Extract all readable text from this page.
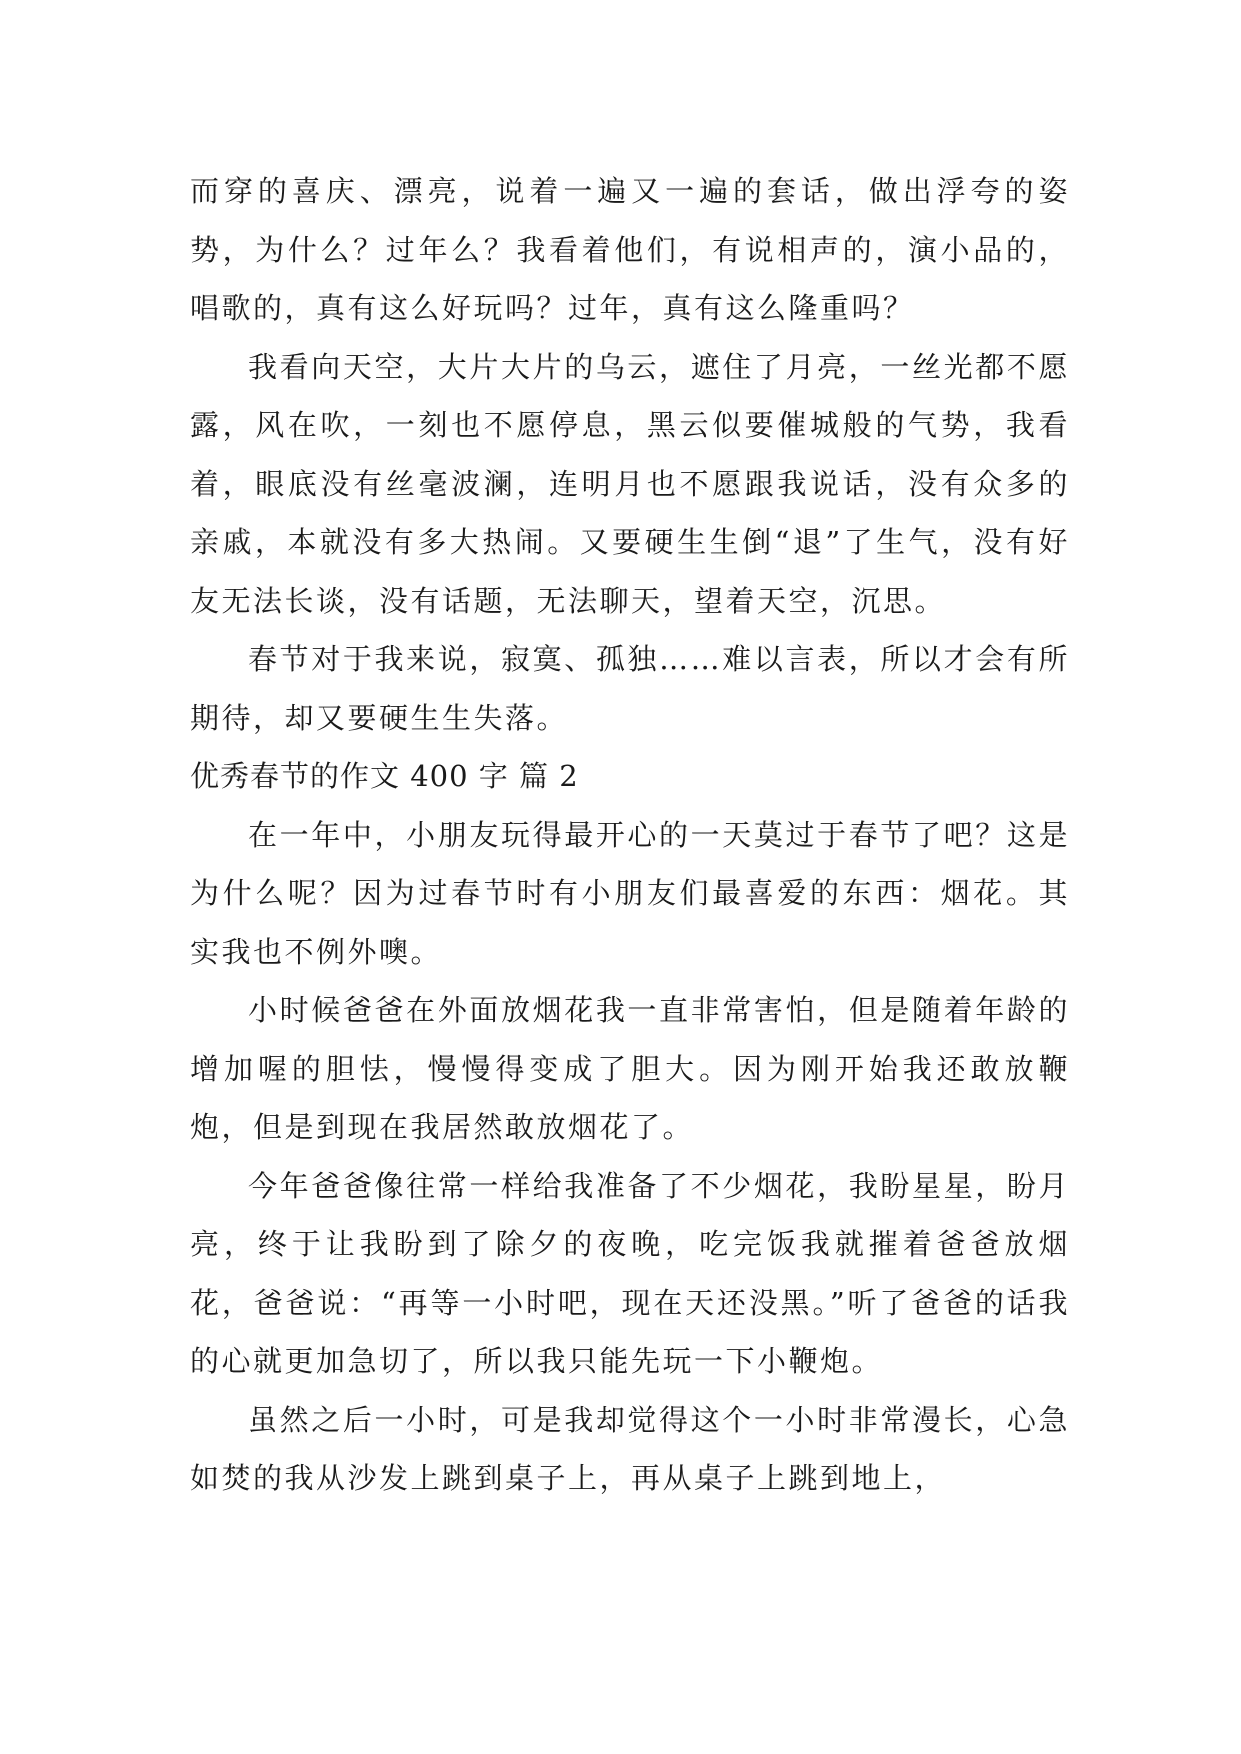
而穿的喜庆、漂亮，说着一遍又一遍的套话，做出浮夸的姿势，为什么？过年么？我看着他们，有说相声的，演小品的，唱歌的，真有这么好玩吗？过年，真有这么隆重吗？

我看向天空，大片大片的乌云，遮住了月亮，一丝光都不愿露，风在吹，一刻也不愿停息，黑云似要催城般的气势，我看着，眼底没有丝毫波澜，连明月也不愿跟我说话，没有众多的亲戚，本就没有多大热闹。又要硬生生倒“退”了生气，没有好友无法长谈，没有话题，无法聊天，望着天空，沉思。

春节对于我来说，寂寞、孤独……难以言表，所以才会有所期待，却又要硬生生失落。

优秀春节的作文 400 字 篇 2

在一年中，小朋友玩得最开心的一天莫过于春节了吧？这是为什么呢？因为过春节时有小朋友们最喜爱的东西：烟花。其实我也不例外噢。

小时候爸爸在外面放烟花我一直非常害怕，但是随着年龄的增加喔的胆怯，慢慢得变成了胆大。因为刚开始我还敢放鞭炮，但是到现在我居然敢放烟花了。

今年爸爸像往常一样给我准备了不少烟花，我盼星星，盼月亮，终于让我盼到了除夕的夜晚，吃完饭我就摧着爸爸放烟花，爸爸说：“再等一小时吧，现在天还没黑。”听了爸爸的话我的心就更加急切了，所以我只能先玩一下小鞭炮。

虽然之后一小时，可是我却觉得这个一小时非常漫长，心急如焚的我从沙发上跳到桌子上，再从桌子上跳到地上，
